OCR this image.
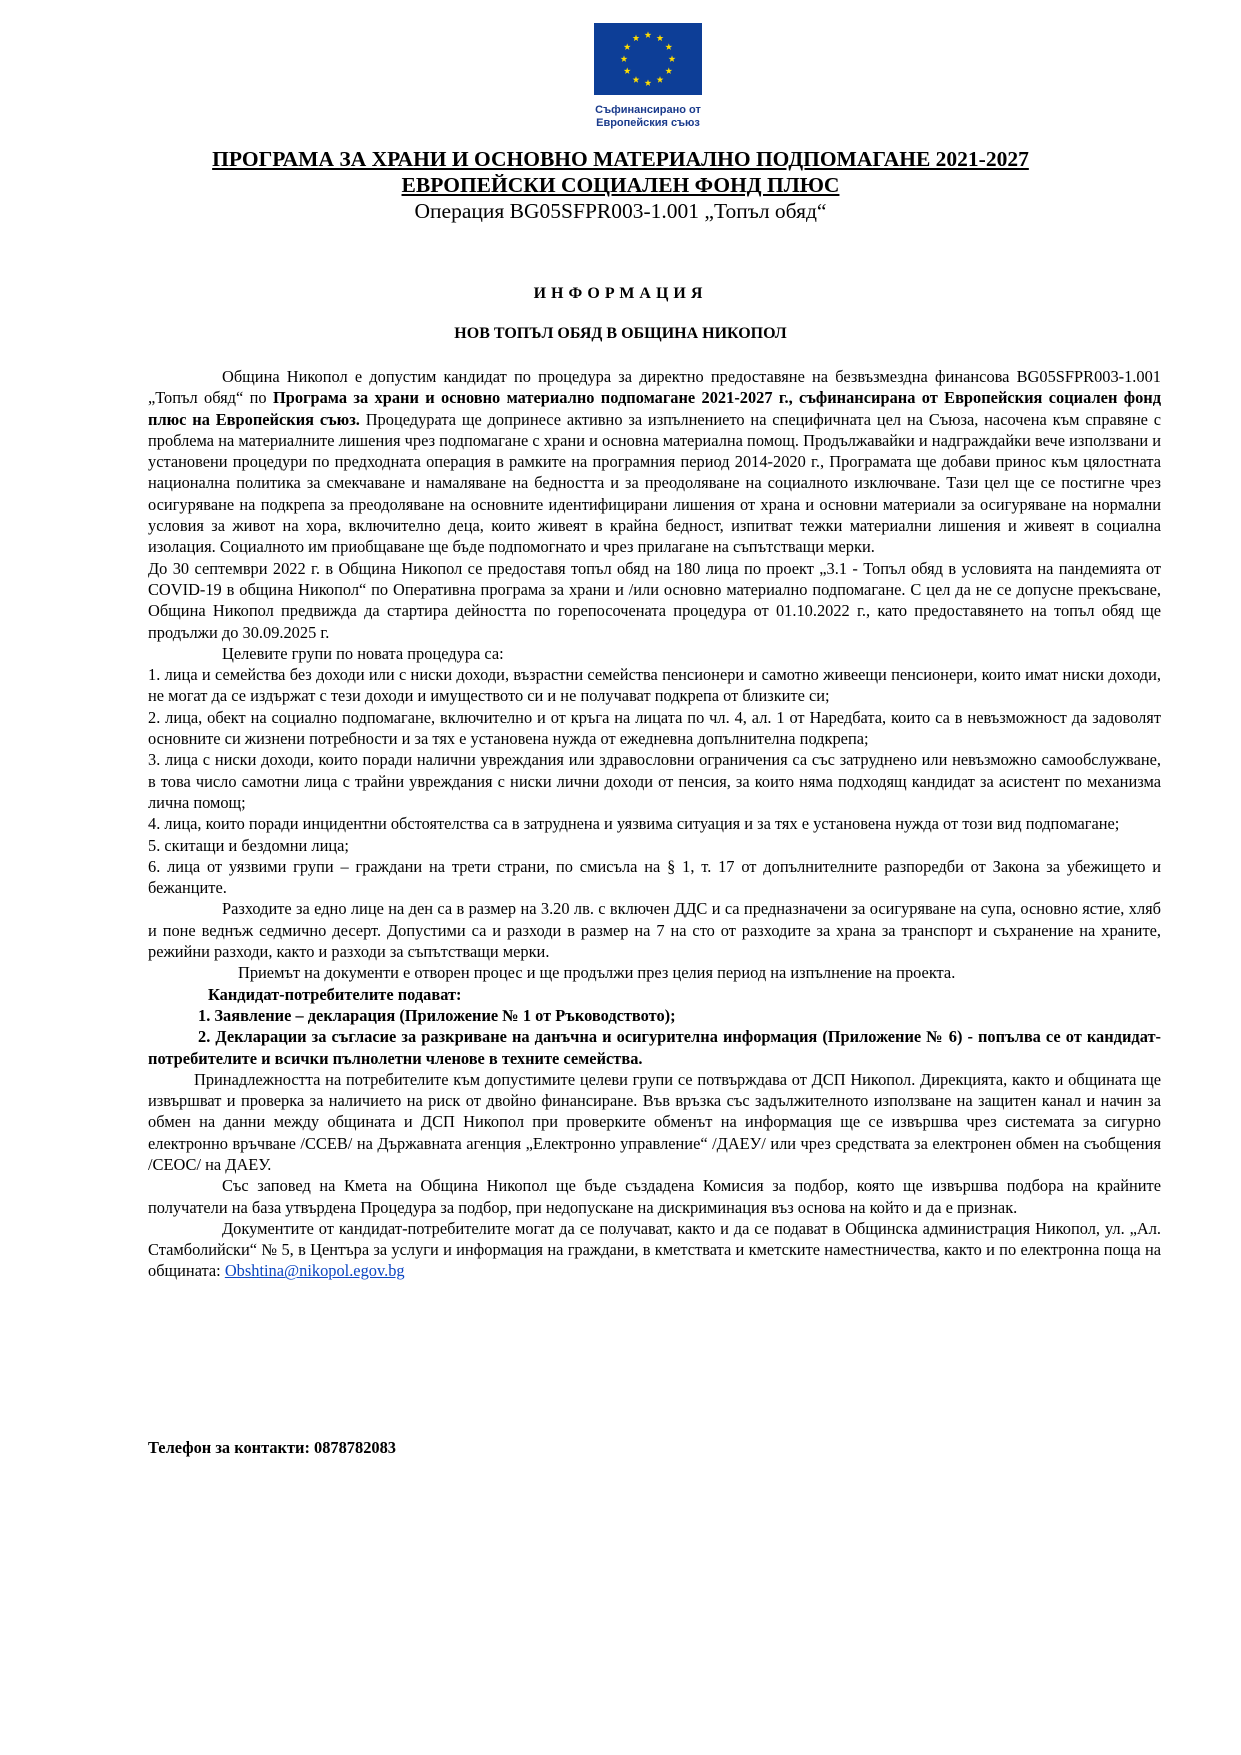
Съфинансирано от
Европейския съюз
ПРОГРАМА ЗА ХРАНИ И ОСНОВНО МАТЕРИАЛНО ПОДПОМАГАНЕ 2021-2027
ЕВРОПЕЙСКИ СОЦИАЛЕН ФОНД ПЛЮС
Операция BG05SFPR003-1.001 „Топъл обяд“
ИНФОРМАЦИЯ
НОВ ТОПЪЛ ОБЯД В ОБЩИНА НИКОПОЛ

Община Никопол е допустим кандидат по процедура за директно предоставяне на безвъзмездна финансова BG05SFPR003-1.001 „Топъл обяд“ по Програма за храни и основно материално подпомагане 2021-2027 г., съфинансирана от Европейския социален фонд плюс на Европейския съюз. Процедурата ще допринесе активно за изпълнението на специфичната цел на Съюза, насочена към справяне с проблема на материалните лишения чрез подпомагане с храни и основна материална помощ. Продължавайки и надграждайки вече използвани и установени процедури по предходната операция в рамките на програмния период 2014-2020 г., Програмата ще добави принос към цялостната национална политика за смекчаване и намаляване на бедността и за преодоляване на социалното изключване. Тази цел ще се постигне чрез осигуряване на подкрепа за преодоляване на основните идентифицирани лишения от храна и основни материали за осигуряване на нормални условия за живот на хора, включително деца, които живеят в крайна бедност, изпитват тежки материални лишения и живеят в социална изолация. Социалното им приобщаване ще бъде подпомогнато и чрез прилагане на съпътстващи мерки.

До 30 септември 2022 г. в Община Никопол се предоставя топъл обяд на 180 лица по проект „3.1 - Топъл обяд в условията на пандемията от COVID-19 в община Никопол“ по Оперативна програма за храни и /или основно материално подпомагане. С цел да не се допусне прекъсване, Община Никопол предвижда да стартира дейността по горепосочената процедура от 01.10.2022 г., като предоставянето на топъл обяд ще продължи до 30.09.2025 г.

Целевите групи по новата процедура са:

1. лица и семейства без доходи или с ниски доходи, възрастни семейства пенсионери и самотно живеещи пенсионери, които имат ниски доходи, не могат да се издържат с тези доходи и имуществото си и не получават подкрепа от близките си;

2. лица, обект на социално подпомагане, включително и от кръга на лицата по чл. 4, ал. 1 от Наредбата, които са в невъзможност да задоволят основните си жизнени потребности и за тях е установена нужда от ежедневна допълнителна подкрепа;

3. лица с ниски доходи, които поради налични увреждания или здравословни ограничения са със затруднено или невъзможно самообслужване, в това число самотни лица с трайни увреждания с ниски лични доходи от пенсия, за които няма подходящ кандидат за асистент по механизма лична помощ;

4. лица, които поради инцидентни обстоятелства са в затруднена и уязвима ситуация и за тях е установена нужда от този вид подпомагане;

5. скитащи и бездомни лица;

6. лица от уязвими групи – граждани на трети страни, по смисъла на § 1, т. 17 от допълнителните разпоредби от Закона за убежището и бежанците.

Разходите за едно лице на ден са в размер на 3.20 лв. с включен ДДС и са предназначени за осигуряване на супа, основно ястие, хляб и поне веднъж седмично десерт. Допустими са и разходи в размер на 7 на сто от разходите за храна за транспорт и съхранение на храните, режийни разходи, както и разходи за съпътстващи мерки.

Приемът на документи е отворен процес и ще продължи през целия период на изпълнение на проекта.

Кандидат-потребителите подават:

1. Заявление – декларация (Приложение № 1 от Ръководството);

2. Декларации за съгласие за разкриване на данъчна и осигурителна информация (Приложение № 6) - попълва се от кандидат-потребителите и всички пълнолетни членове в техните семейства.

Принадлежността на потребителите към допустимите целеви групи се потвърждава от ДСП Никопол. Дирекцията, както и общината ще извършват и проверка за наличието на риск от двойно финансиране. Във връзка със задължителното използване на защитен канал и начин за обмен на данни между общината и ДСП Никопол при проверките обменът на информация ще се извършва чрез системата за сигурно електронно връчване /ССЕВ/ на Държавната агенция „Електронно управление“ /ДАЕУ/ или чрез средствата за електронен обмен на съобщения /СЕОС/ на ДАЕУ.

Със заповед на Кмета на Община Никопол ще бъде създадена Комисия за подбор, която ще извършва подбора на крайните получатели на база утвърдена Процедура за подбор, при недопускане на дискриминация въз основа на който и да е признак.

Документите от кандидат-потребителите могат да се получават, както и да се подават в Общинска администрация Никопол, ул. „Ал. Стамболийски“ № 5, в Центъра за услуги и информация на граждани, в кметствата и кметските наместничества, както и по електронна поща на общината: Obshtina@nikopol.egov.bg

Телефон за контакти: 0878782083
